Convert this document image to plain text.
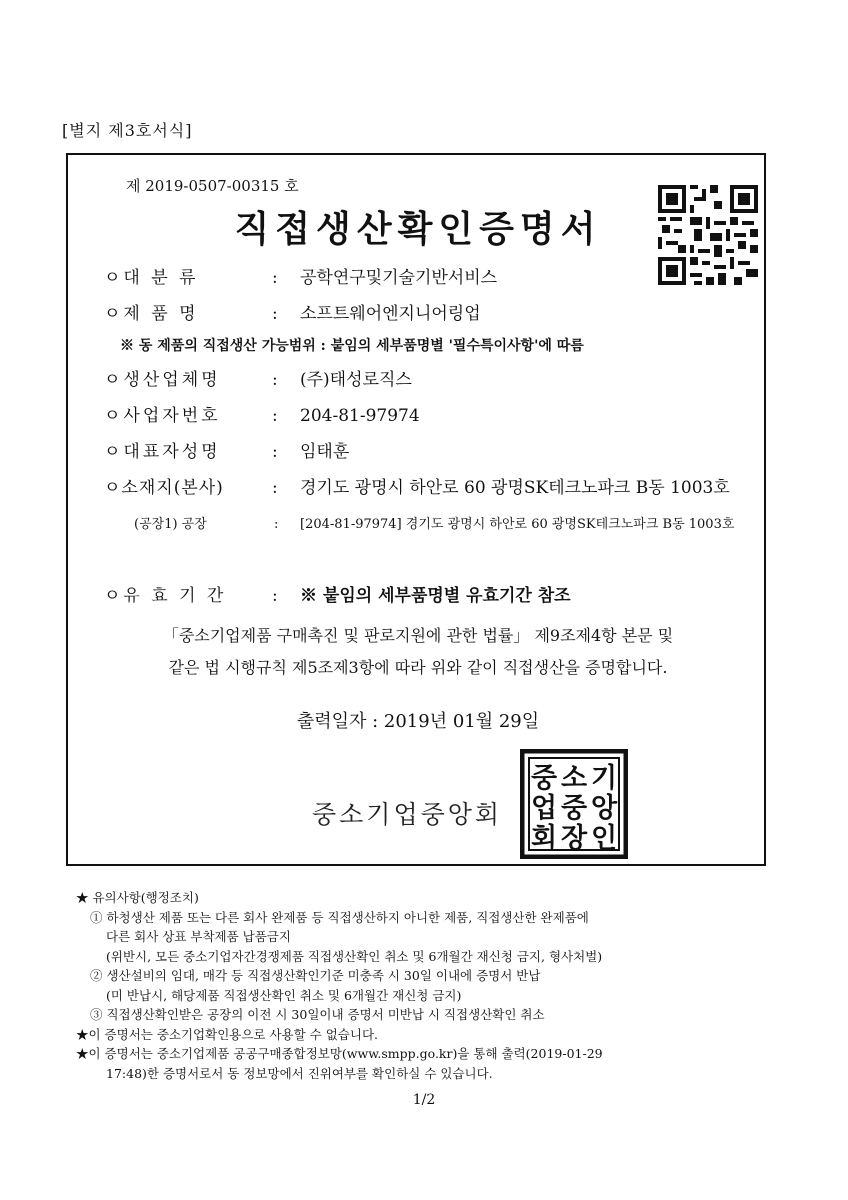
[별지 제3호서식]
제 2019-0507-00315 호
직접생산확인증명서
ㅇ대 분 류	: 공학연구및기술기반서비스
ㅇ제 품 명	: 소프트웨어엔지니어링업
※ 동 제품의 직접생산 가능범위 : 붙임의 세부품명별 '필수특이사항'에 따름
ㅇ생산업체명	: (주)태성로직스
ㅇ사업자번호	: 204-81-97974
ㅇ대표자성명	: 임태훈
ㅇ소재지(본사)	: 경기도 광명시 하안로 60 광명SK테크노파크 B동 1003호
(공장1) 공장	: [204-81-97974] 경기도 광명시 하안로 60 광명SK테크노파크 B동 1003호
ㅇ유 효 기 간	: ※ 붙임의 세부품명별 유효기간 참조
「중소기업제품 구매촉진 및 판로지원에 관한 법률」 제9조제4항 본문 및
같은 법 시행규칙 제5조제3항에 따라 위와 같이 직접생산을 증명합니다.
출력일자 : 2019년 01월 29일
중소기업중앙회
중 소 기
업 중 앙
회 장 인
★ 유의사항(행정조치)
① 하청생산 제품 또는 다른 회사 완제품 등 직접생산하지 아니한 제품, 직접생산한 완제품에
다른 회사 상표 부착제품 납품금지
(위반시, 모든 중소기업자간경쟁제품 직접생산확인 취소 및 6개월간 재신청 금지, 형사처벌)
② 생산설비의 임대, 매각 등 직접생산확인기준 미충족 시 30일 이내에 증명서 반납
(미 반납시, 해당제품 직접생산확인 취소 및 6개월간 재신청 금지)
③ 직접생산확인받은 공장의 이전 시 30일이내 증명서 미반납 시 직접생산확인 취소
★이 증명서는 중소기업확인용으로 사용할 수 없습니다.
★이 증명서는 중소기업제품 공공구매종합정보망(www.smpp.go.kr)을 통해 출력(2019-01-29
17:48)한 증명서로서 동 정보망에서 진위여부를 확인하실 수 있습니다.
1/2
